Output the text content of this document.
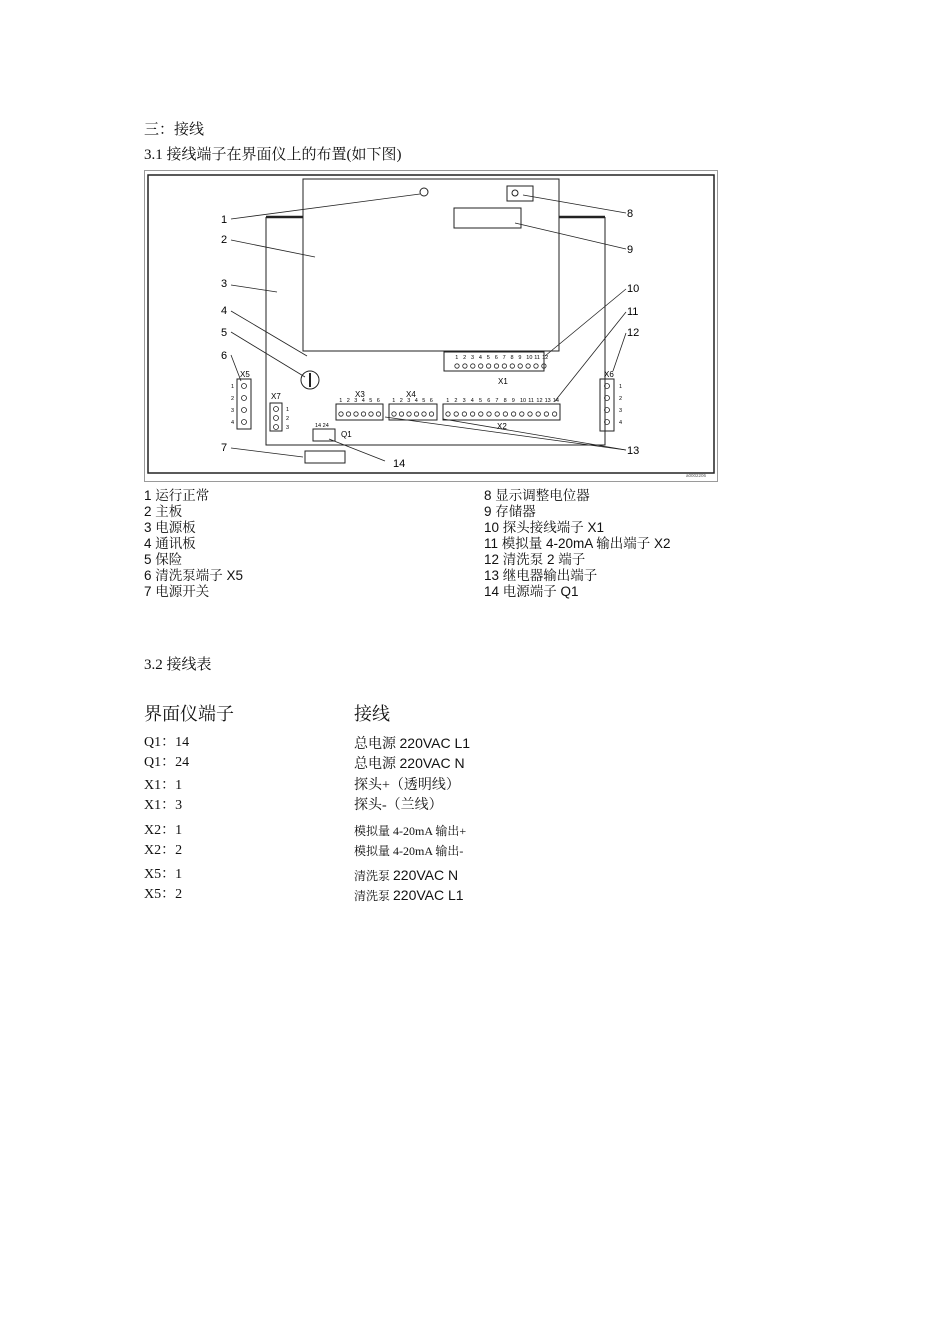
三：接线
3.1 接线端子在界面仪上的布置(如下图)
X1
X5
1
2
3
4
X7
1
2
3
X6
1
2
3
4
X3
1 2 3 4 5 6
X4
1 2 3 4 5 6 1 2 3 4 5 6 7 8 9 10 11 12 13 14
X2
14 24
Q1
1
2
3
4
5
6
7
8
9
10
11
12
13
14
a0002206
1 2 3 4 5 6 7 8 9 10 11 12
1 运行正常
2 主板
3 电源板
4 通讯板
5 保险
6 清洗泵端子 X5
7 电源开关
8 显示调整电位器
9 存储器
10 探头接线端子 X1
11 模拟量 4-20mA 输出端子 X2
12 清洗泵 2 端子
13 继电器输出端子
14 电源端子 Q1
3.2 接线表
界面仪端子	接线
Q1：14	总电源 220VAC L1
Q1：24	总电源 220VAC N
X1：1	探头+（透明线）
X1：3	探头-（兰线）
X2：1	模拟量 4-20mA 输出+
X2：2	模拟量 4-20mA 输出-
X5：1	清洗泵 220VAC N
X5：2	清洗泵 220VAC L1
